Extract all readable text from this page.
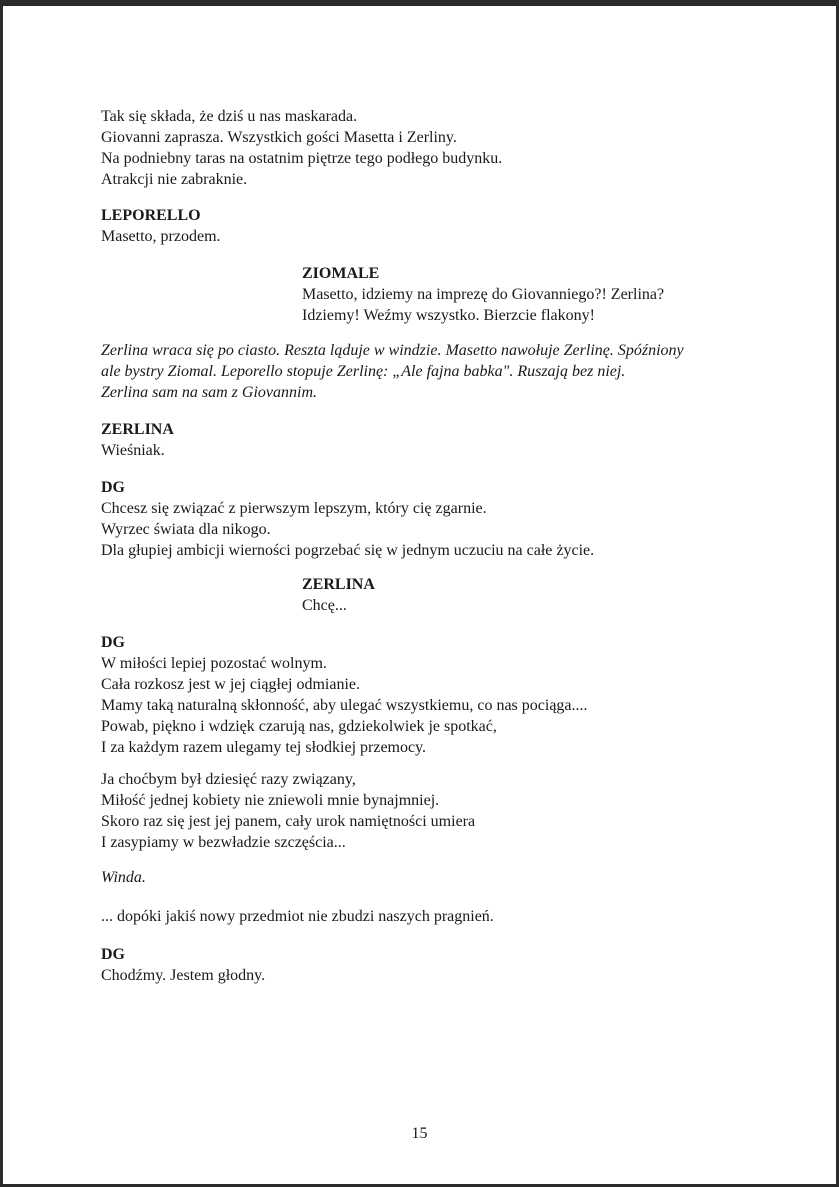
Tak się składa, że dziś u nas maskarada.
Giovanni zaprasza. Wszystkich gości Masetta i Zerliny.
Na podniebny taras na ostatnim piętrze tego podłego budynku.
Atrakcji nie zabraknie.
LEPORELLO
Masetto, przodem.
ZIOMALE
Masetto, idziemy na imprezę do Giovanniego?! Zerlina?
Idziemy! Weźmy wszystko. Bierzcie flakony!
Zerlina wraca się po ciasto. Reszta ląduje w windzie. Masetto nawołuje Zerlinę. Spóźniony
ale bystry Ziomal. Leporello stopuje Zerlinę: „Ale fajna babka". Ruszają bez niej.
Zerlina sam na sam z Giovannim.
ZERLINA
Wieśniak.
DG
Chcesz się związać z pierwszym lepszym, który cię zgarnie.
Wyrzec świata dla nikogo.
Dla głupiej ambicji wierności pogrzebać się w jednym uczuciu na całe życie.
ZERLINA
Chcę...
DG
W miłości lepiej pozostać wolnym.
Cała rozkosz jest w jej ciągłej odmianie.
Mamy taką naturalną skłonność, aby ulegać wszystkiemu, co nas pociąga....
Powab, piękno i wdzięk czarują nas, gdziekolwiek je spotkać,
I za każdym razem ulegamy tej słodkiej przemocy.
Ja choćbym był dziesięć razy związany,
Miłość jednej kobiety nie zniewoli mnie bynajmniej.
Skoro raz się jest jej panem, cały urok namiętności umiera
I zasypiamy w bezwładzie szczęścia...
Winda.
... dopóki jakiś nowy przedmiot nie zbudzi naszych pragnień.
DG
Chodźmy. Jestem głodny.
15
